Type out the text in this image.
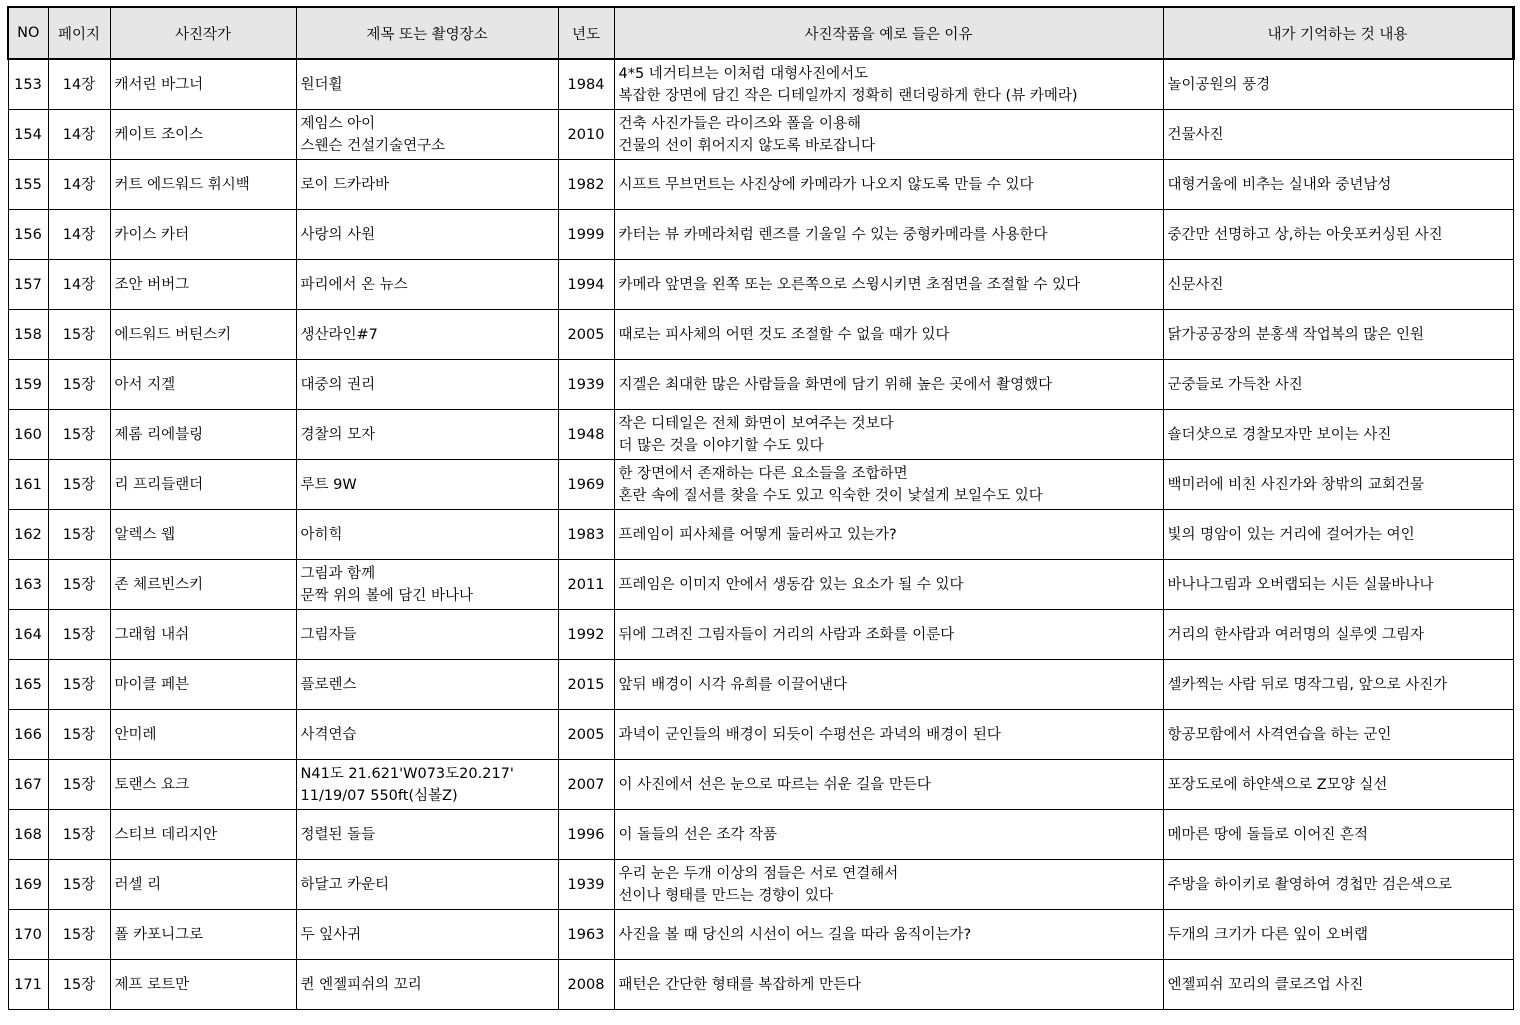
NO	페이지	사진작가	제목 또는 촬영장소	년도	사진작품을 예로 들은 이유	내가 기억하는 것 내용
153	14장	캐서린 바그너	원더휠	1984	4*5 네거티브는 이처럼 대형사진에서도
복잡한 장면에 담긴 작은 디테일까지 정확히 랜더링하게 한다 (뷰 카메라)	놀이공원의 풍경
154	14장	케이트 조이스	제임스 아이
스웬슨 건설기술연구소	2010	건축 사진가들은 라이즈와 폴을 이용해
건물의 선이 휘어지지 않도록 바로잡니다	건물사진
155	14장	커트 에드워드 휘시백	로이 드카라바	1982	시프트 무브먼트는 사진상에 카메라가 나오지 않도록 만들 수 있다	대형거울에 비추는 실내와 중년남성
156	14장	카이스 카터	사랑의 사원	1999	카터는 뷰 카메라처럼 렌즈를 기울일 수 있는 중형카메라를 사용한다	중간만 선명하고 상,하는 아웃포커싱된 사진
157	14장	조안 버버그	파리에서 온 뉴스	1994	카메라 앞면을 왼쪽 또는 오른쪽으로 스윙시키면 초점면을 조절할 수 있다	신문사진
158	15장	에드워드 버틴스키	생산라인#7	2005	때로는 피사체의 어떤 것도 조절할 수 없을 때가 있다	닭가공공장의 분홍색 작업복의 많은 인원
159	15장	아서 지겔	대중의 권리	1939	지겔은 최대한 많은 사람들을 화면에 담기 위해 높은 곳에서 촬영했다	군중들로 가득찬 사진
160	15장	제롬 리에블링	경찰의 모자	1948	작은 디테일은 전체 화면이 보여주는 것보다
더 많은 것을 이야기할 수도 있다	숄더샷으로 경찰모자만 보이는 사진
161	15장	리 프리들랜더	루트 9W	1969	한 장면에서 존재하는 다른 요소들을 조합하면
혼란 속에 질서를 찾을 수도 있고 익숙한 것이 낯설게 보일수도 있다	백미러에 비친 사진가와 창밖의 교회건물
162	15장	알렉스 웹	아히힉	1983	프레임이 피사체를 어떻게 둘러싸고 있는가?	빛의 명암이 있는 거리에 걸어가는 여인
163	15장	존 체르빈스키	그림과 함께
문짝 위의 볼에 담긴 바나나	2011	프레임은 이미지 안에서 생동감 있는 요소가 될 수 있다	바나나그림과 오버랩되는 시든 실물바나나
164	15장	그래험 내쉬	그림자들	1992	뒤에 그려진 그림자들이 거리의 사람과 조화를 이룬다	거리의 한사람과 여러명의 실루엣 그림자
165	15장	마이클 페븐	플로렌스	2015	앞뒤 배경이 시각 유희를 이끌어낸다	셀카찍는 사람 뒤로 명작그림, 앞으로 사진가
166	15장	안미레	사격연습	2005	과녁이 군인들의 배경이 되듯이 수평선은 과녁의 배경이 된다	항공모함에서 사격연습을 하는 군인
167	15장	토랜스 요크	N41도 21.621'W073도20.217'
11/19/07 550ft(심볼Z)	2007	이 사진에서 선은 눈으로 따르는 쉬운 길을 만든다	포장도로에 하얀색으로 Z모양 실선
168	15장	스티브 데리지안	정렬된 돌들	1996	이 돌들의 선은 조각 작품	메마른 땅에 돌들로 이어진 흔적
169	15장	러셀 리	하달고 카운티	1939	우리 눈은 두개 이상의 점들은 서로 연결해서
선이나 형태를 만드는 경향이 있다	주방을 하이키로 촬영하여 경첩만 검은색으로
170	15장	폴 카포니그로	두 잎사귀	1963	사진을 볼 때 당신의 시선이 어느 길을 따라 움직이는가?	두개의 크기가 다른 잎이 오버랩
171	15장	제프 로트만	퀸 엔젤피쉬의 꼬리	2008	패턴은 간단한 형태를 복잡하게 만든다	엔젤피쉬 꼬리의 클로즈업 사진
